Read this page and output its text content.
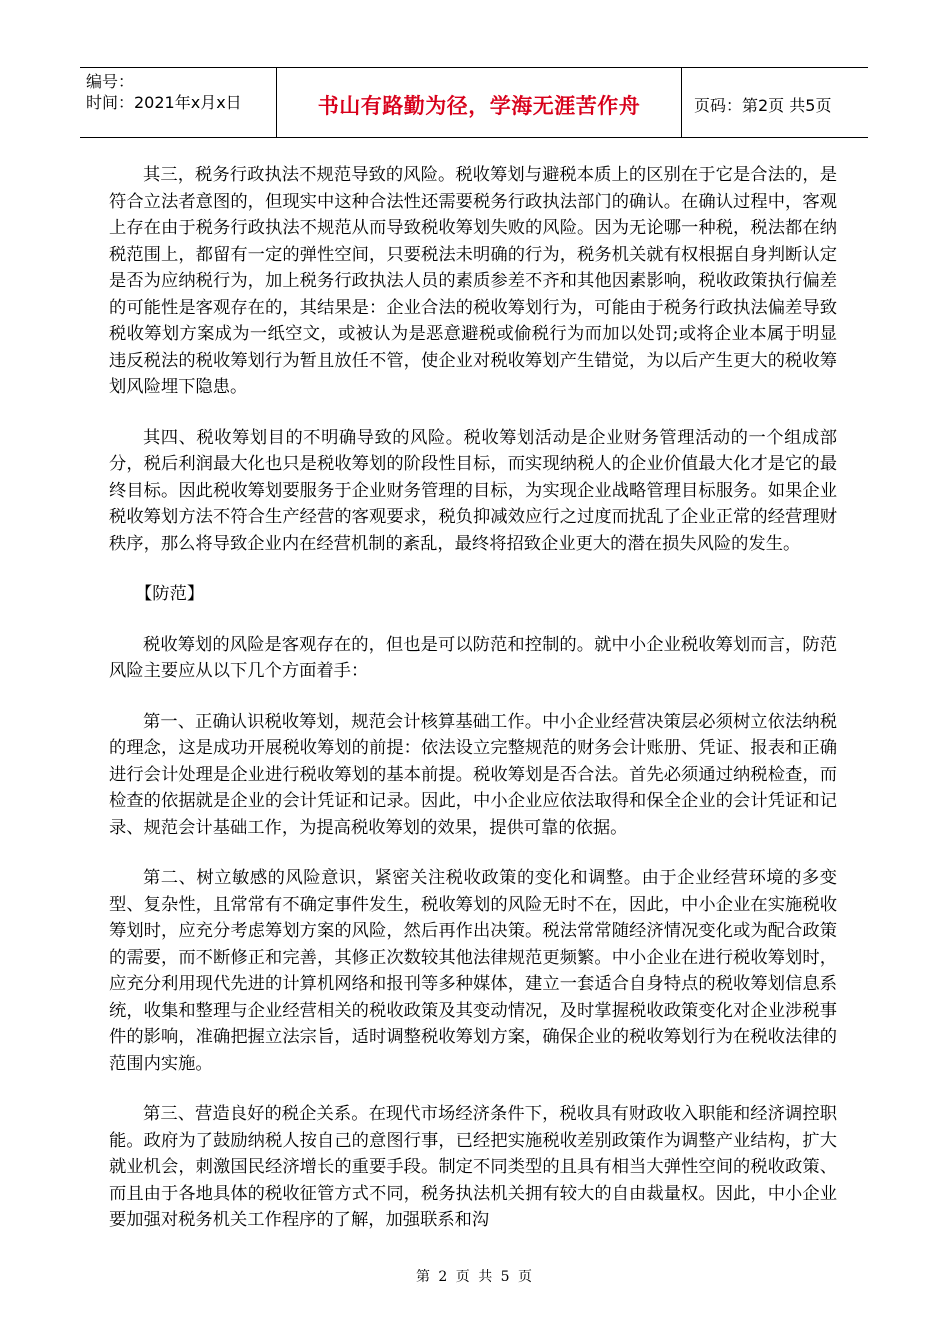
编号：
时间：2021年x月x日	书山有路勤为径，学海无涯苦作舟	页码：第2页 共5页

其三，税务行政执法不规范导致的风险。税收筹划与避税本质上的区别在于它是合法的，是符合立法者意图的，但现实中这种合法性还需要税务行政执法部门的确认。在确认过程中，客观上存在由于税务行政执法不规范从而导致税收筹划失败的风险。因为无论哪一种税，税法都在纳税范围上，都留有一定的弹性空间，只要税法未明确的行为，税务机关就有权根据自身判断认定是否为应纳税行为，加上税务行政执法人员的素质参差不齐和其他因素影响，税收政策执行偏差的可能性是客观存在的，其结果是：企业合法的税收筹划行为，可能由于税务行政执法偏差导致税收筹划方案成为一纸空文，或被认为是恶意避税或偷税行为而加以处罚;或将企业本属于明显违反税法的税收筹划行为暂且放任不管，使企业对税收筹划产生错觉，为以后产生更大的税收筹划风险埋下隐患。

其四、税收筹划目的不明确导致的风险。税收筹划活动是企业财务管理活动的一个组成部分，税后利润最大化也只是税收筹划的阶段性目标，而实现纳税人的企业价值最大化才是它的最终目标。因此税收筹划要服务于企业财务管理的目标，为实现企业战略管理目标服务。如果企业税收筹划方法不符合生产经营的客观要求，税负抑减效应行之过度而扰乱了企业正常的经营理财秩序，那么将导致企业内在经营机制的紊乱，最终将招致企业更大的潜在损失风险的发生。

【防范】

税收筹划的风险是客观存在的，但也是可以防范和控制的。就中小企业税收筹划而言，防范风险主要应从以下几个方面着手：

第一、正确认识税收筹划，规范会计核算基础工作。中小企业经营决策层必须树立依法纳税的理念，这是成功开展税收筹划的前提：依法设立完整规范的财务会计账册、凭证、报表和正确进行会计处理是企业进行税收筹划的基本前提。税收筹划是否合法。首先必须通过纳税检查，而检查的依据就是企业的会计凭证和记录。因此，中小企业应依法取得和保全企业的会计凭证和记录、规范会计基础工作，为提高税收筹划的效果，提供可靠的依据。

第二、树立敏感的风险意识，紧密关注税收政策的变化和调整。由于企业经营环境的多变型、复杂性，且常常有不确定事件发生，税收筹划的风险无时不在，因此，中小企业在实施税收筹划时，应充分考虑筹划方案的风险，然后再作出决策。税法常常随经济情况变化或为配合政策的需要，而不断修正和完善，其修正次数较其他法律规范更频繁。中小企业在进行税收筹划时，应充分利用现代先进的计算机网络和报刊等多种媒体，建立一套适合自身特点的税收筹划信息系统，收集和整理与企业经营相关的税收政策及其变动情况，及时掌握税收政策变化对企业涉税事件的影响，准确把握立法宗旨，适时调整税收筹划方案，确保企业的税收筹划行为在税收法律的范围内实施。

第三、营造良好的税企关系。在现代市场经济条件下，税收具有财政收入职能和经济调控职能。政府为了鼓励纳税人按自己的意图行事，已经把实施税收差别政策作为调整产业结构，扩大就业机会，刺激国民经济增长的重要手段。制定不同类型的且具有相当大弹性空间的税收政策、而且由于各地具体的税收征管方式不同，税务执法机关拥有较大的自由裁量权。因此，中小企业要加强对税务机关工作程序的了解，加强联系和沟

第 2 页 共 5 页
